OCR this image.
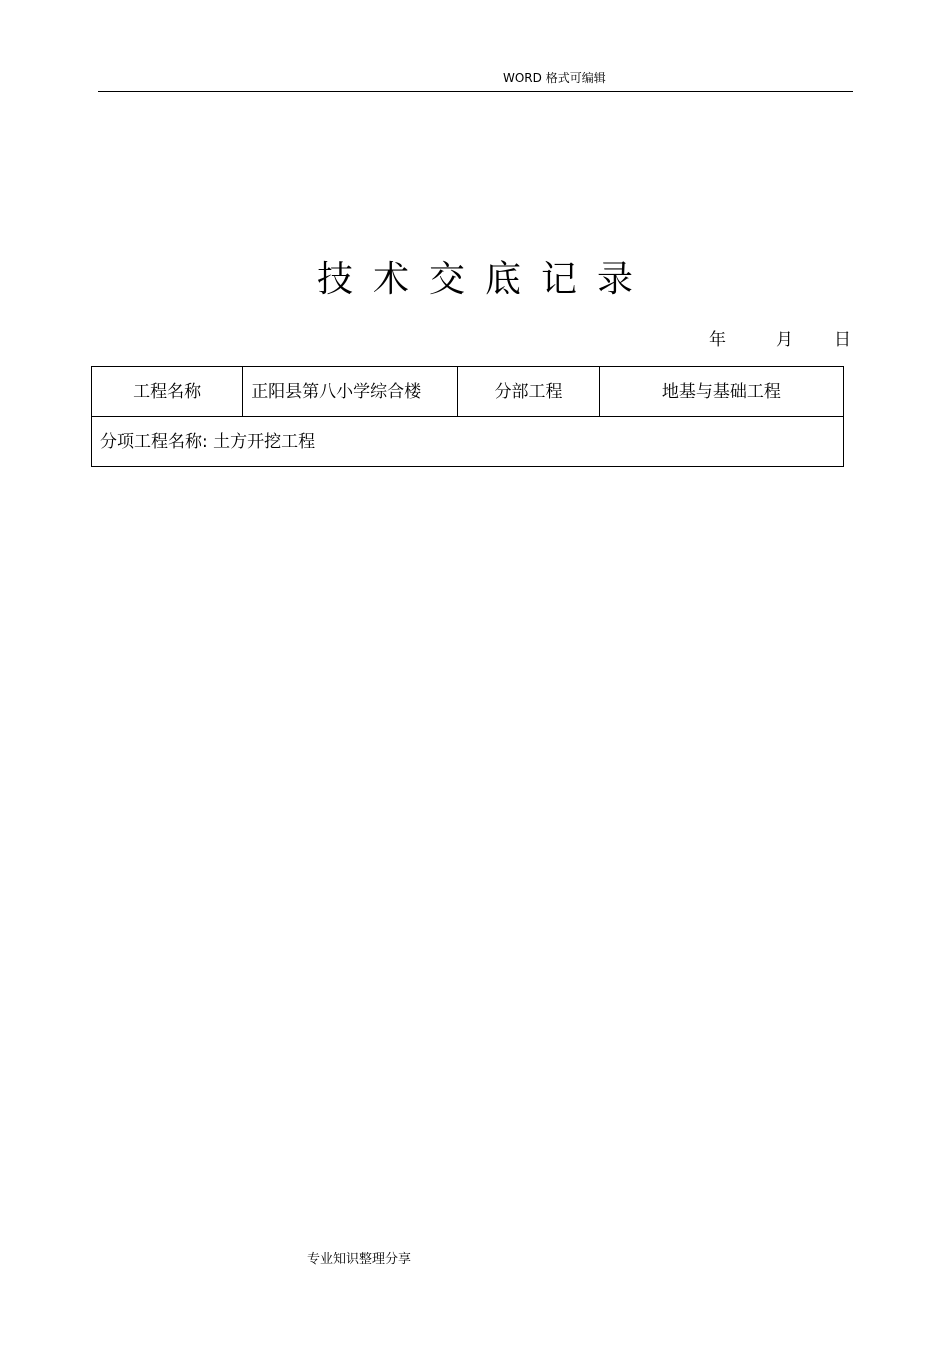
WORD 格式可编辑
技术交底记录
年	月 日
工程名称	正阳县第八小学综合楼	分部工程	地基与基础工程
分项工程名称: 土方开挖工程
专业知识整理分享
